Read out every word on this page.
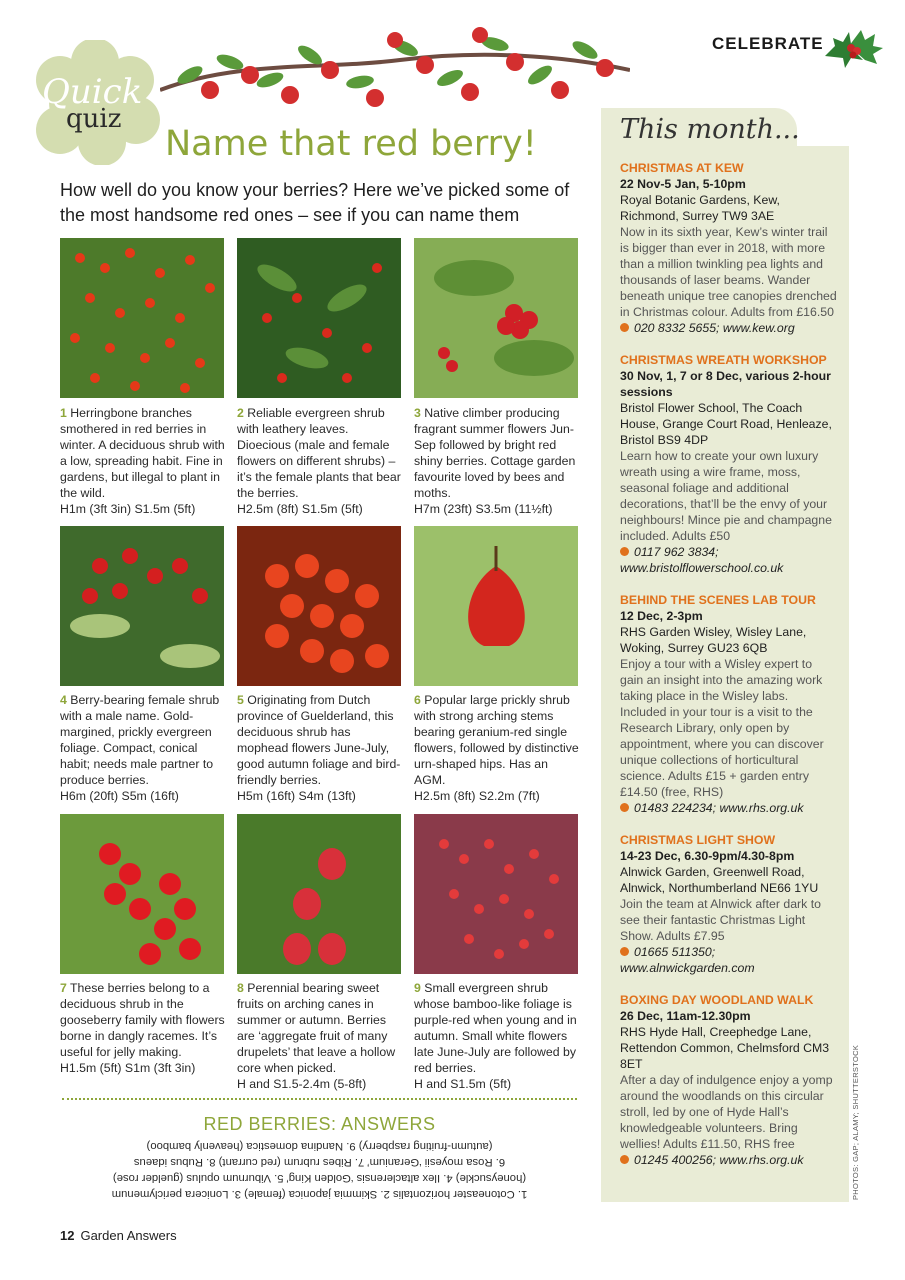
CELEBRATE
Quick
quiz
Name that red berry!
How well do you know your berries? Here we’ve picked some of the most handsome red ones – see if you can name them
1 Herringbone branches smothered in red berries in winter. A deciduous shrub with a low, spreading habit. Fine in gardens, but illegal to plant in the wild.
H1m (3ft 3in) S1.5m (5ft)
2 Reliable evergreen shrub with leathery leaves. Dioecious (male and female flowers on different shrubs) – it’s the female plants that bear the berries.
H2.5m (8ft) S1.5m (5ft)
3 Native climber producing fragrant summer flowers Jun-Sep followed by bright red shiny berries. Cottage garden favourite loved by bees and moths.
H7m (23ft) S3.5m (11½ft)
4 Berry-bearing female shrub with a male name. Gold-margined, prickly evergreen foliage. Compact, conical habit; needs male partner to produce berries.
H6m (20ft) S5m (16ft)
5 Originating from Dutch province of Guelderland, this deciduous shrub has mophead flowers June-July, good autumn foliage and bird-friendly berries.
H5m (16ft) S4m (13ft)
6 Popular large prickly shrub with strong arching stems bearing geranium-red single flowers, followed by distinctive urn-shaped hips. Has an AGM.
H2.5m (8ft) S2.2m (7ft)
7 These berries belong to a deciduous shrub in the gooseberry family with flowers borne in dangly racemes. It’s useful for jelly making.
H1.5m (5ft) S1m (3ft 3in)
8 Perennial bearing sweet fruits on arching canes in summer or autumn. Berries are ‘aggregate fruit of many drupelets’ that leave a hollow core when picked.
H and S1.5-2.4m (5-8ft)
9 Small evergreen shrub whose bamboo-like foliage is purple-red when young and in autumn. Small white flowers late June-July are followed by red berries.
H and S1.5m (5ft)
RED BERRIES: ANSWERS
1. Cotoneaster horizontalis 2. Skimmia japonica (female) 3. Lonicera periclymenum
(honeysuckle) 4. Ilex altaclerensis ‘Golden King’ 5. Viburnum opulus (guelder rose)
6. Rosa moyesii ‘Geranium’ 7. Ribes rubrum (red currant) 8. Rubus idaeus
(autumn-fruiting raspberry) 9. Nandina domestica (heavenly bamboo)
This month...
CHRISTMAS AT KEW
22 Nov-5 Jan, 5-10pm
Royal Botanic Gardens, Kew, Richmond, Surrey TW9 3AE
Now in its sixth year, Kew’s winter trail is bigger than ever in 2018, with more than a million twinkling pea lights and thousands of laser beams. Wander beneath unique tree canopies drenched in Christmas colour. Adults from £16.50
020 8332 5655; www.kew.org
CHRISTMAS WREATH WORKSHOP
30 Nov, 1, 7 or 8 Dec, various 2-hour sessions
Bristol Flower School, The Coach House, Grange Court Road, Henleaze, Bristol BS9 4DP
Learn how to create your own luxury wreath using a wire frame, moss, seasonal foliage and additional decorations, that’ll be the envy of your neighbours! Mince pie and champagne included. Adults £50
0117 962 3834; www.bristolflowerschool.co.uk
BEHIND THE SCENES LAB TOUR
12 Dec, 2-3pm
RHS Garden Wisley, Wisley Lane, Woking, Surrey GU23 6QB
Enjoy a tour with a Wisley expert to gain an insight into the amazing work taking place in the Wisley labs. Included in your tour is a visit to the Research Library, only open by appointment, where you can discover unique collections of horticultural science. Adults £15 + garden entry £14.50 (free, RHS)
01483 224234; www.rhs.org.uk
CHRISTMAS LIGHT SHOW
14-23 Dec, 6.30-9pm/4.30-8pm
Alnwick Garden, Greenwell Road, Alnwick, Northumberland NE66 1YU
Join the team at Alnwick after dark to see their fantastic Christmas Light Show. Adults £7.95
01665 511350; www.alnwickgarden.com
BOXING DAY WOODLAND WALK
26 Dec, 11am-12.30pm
RHS Hyde Hall, Creephedge Lane, Rettendon Common, Chelmsford CM3 8ET
After a day of indulgence enjoy a yomp around the woodlands on this circular stroll, led by one of Hyde Hall’s knowledgeable volunteers. Bring wellies! Adults £11.50, RHS free
01245 400256; www.rhs.org.uk	PHOTOS: GAP; ALAMY; SHUTTERSTOCK
12 Garden Answers
